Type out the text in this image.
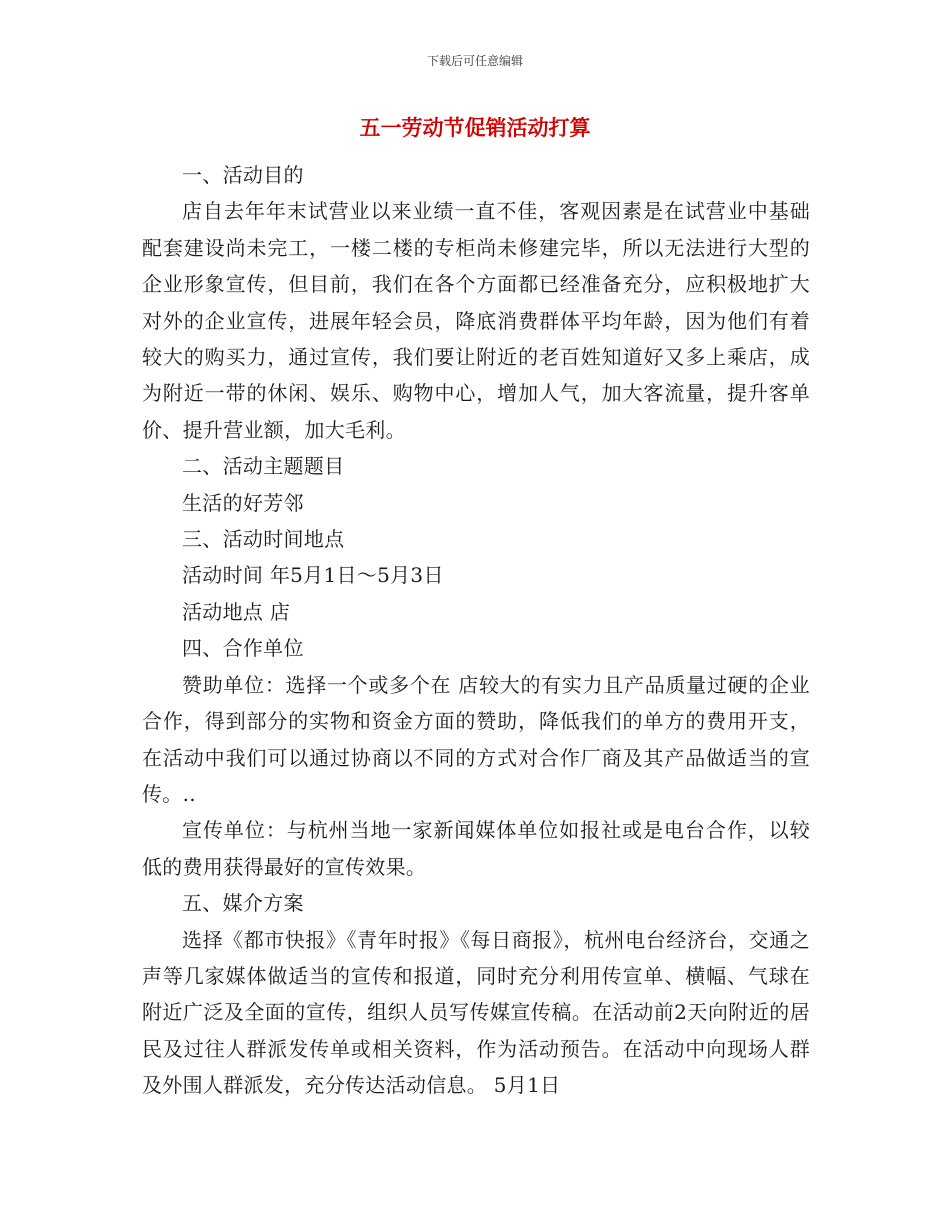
下载后可任意编辑
五一劳动节促销活动打算

一、活动目的

店自去年年末试营业以来业绩一直不佳，客观因素是在试营业中基础配套建设尚未完工，一楼二楼的专柜尚未修建完毕，所以无法进行大型的企业形象宣传，但目前，我们在各个方面都已经准备充分，应积极地扩大对外的企业宣传，进展年轻会员，降底消费群体平均年龄，因为他们有着较大的购买力，通过宣传，我们要让附近的老百姓知道好又多上乘店，成为附近一带的休闲、娱乐、购物中心，增加人气，加大客流量，提升客单价、提升营业额，加大毛利。

二、活动主题题目

生活的好芳邻

三、活动时间地点

活动时间 年5月1日～5月3日

活动地点 店

四、合作单位

赞助单位：选择一个或多个在 店较大的有实力且产品质量过硬的企业合作，得到部分的实物和资金方面的赞助，降低我们的单方的费用开支，在活动中我们可以通过协商以不同的方式对合作厂商及其产品做适当的宣传。..

宣传单位：与杭州当地一家新闻媒体单位如报社或是电台合作，以较低的费用获得最好的宣传效果。

五、媒介方案

选择《都市快报》《青年时报》《每日商报》，杭州电台经济台，交通之声等几家媒体做适当的宣传和报道，同时充分利用传宣单、横幅、气球在附近广泛及全面的宣传，组织人员写传媒宣传稿。在活动前2天向附近的居民及过往人群派发传单或相关资料，作为活动预告。在活动中向现场人群及外围人群派发，充分传达活动信息。 5月1日
